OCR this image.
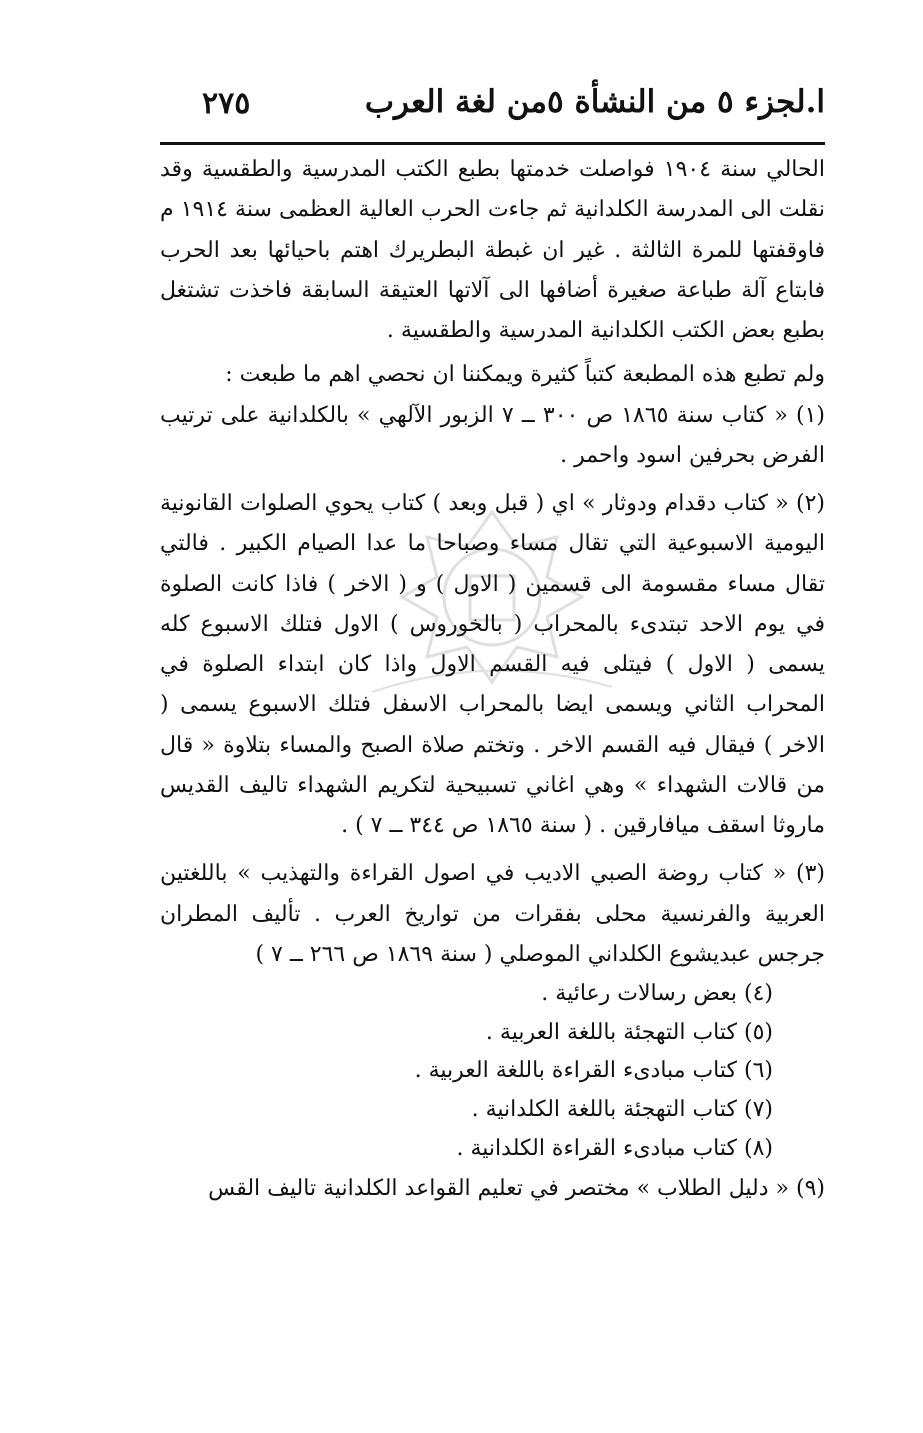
ا.لجزء ٥ من النشأة ٥من لغة العرب
٢٧٥

الحالي سنة ١٩٠٤ فواصلت خدمتها بطبع الكتب المدرسية والطقسية وقد نقلت الى المدرسة الكلدانية ثم جاءت الحرب العالية العظمى سنة ١٩١٤ م فاوقفتها للمرة الثالثة . غير ان غبطة البطريرك اهتم باحيائها بعد الحرب فابتاع آلة طباعة صغيرة أضافها الى آلاتها العتيقة السابقة فاخذت تشتغل بطبع بعض الكتب الكلدانية المدرسية والطقسية .

ولم تطبع هذه المطبعة كتباً كثيرة ويمكننا ان نحصي اهم ما طبعت :

(١) « كتاب سنة ١٨٦٥ ص ٣٠٠ ــ ٧ الزبور الآلهي » بالكلدانية على ترتيب الفرض بحرفين اسود واحمر .

(٢) « كتاب دقدام ودوثار » اي ( قبل وبعد ) كتاب يحوي الصلوات القانونية اليومية الاسبوعية التي تقال مساء وصباحا ما عدا الصيام الكبير . فالتي تقال مساء مقسومة الى قسمين ( الاول ) و ( الاخر ) فاذا كانت الصلوة في يوم الاحد تبتدىء بالمحراب ( بالخوروس ) الاول فتلك الاسبوع كله يسمى ( الاول ) فيتلى فيه القسم الاول واذا كان ابتداء الصلوة في المحراب الثاني ويسمى ايضا بالمحراب الاسفل فتلك الاسبوع يسمى ( الاخر ) فيقال فيه القسم الاخر . وتختم صلاة الصبح والمساء بتلاوة « قال من قالات الشهداء » وهي اغاني تسبيحية لتكريم الشهداء تاليف القديس ماروثا اسقف ميافارقين . ( سنة ١٨٦٥ ص ٣٤٤ ــ ٧ ) .

(٣) « كتاب روضة الصبي الاديب في اصول القراءة والتهذيب » باللغتين العربية والفرنسية محلى بفقرات من تواريخ العرب . تأليف المطران جرجس عبديشوع الكلداني الموصلي ( سنة ١٨٦٩ ص ٢٦٦ ــ ٧ )

(٤) بعض رسالات رعائية .

(٥) كتاب التهجئة باللغة العربية .

(٦) كتاب مبادىء القراءة باللغة العربية .

(٧) كتاب التهجئة باللغة الكلدانية .

(٨) كتاب مبادىء القراءة الكلدانية .

(٩) « دليل الطلاب » مختصر في تعليم القواعد الكلدانية تاليف القس
